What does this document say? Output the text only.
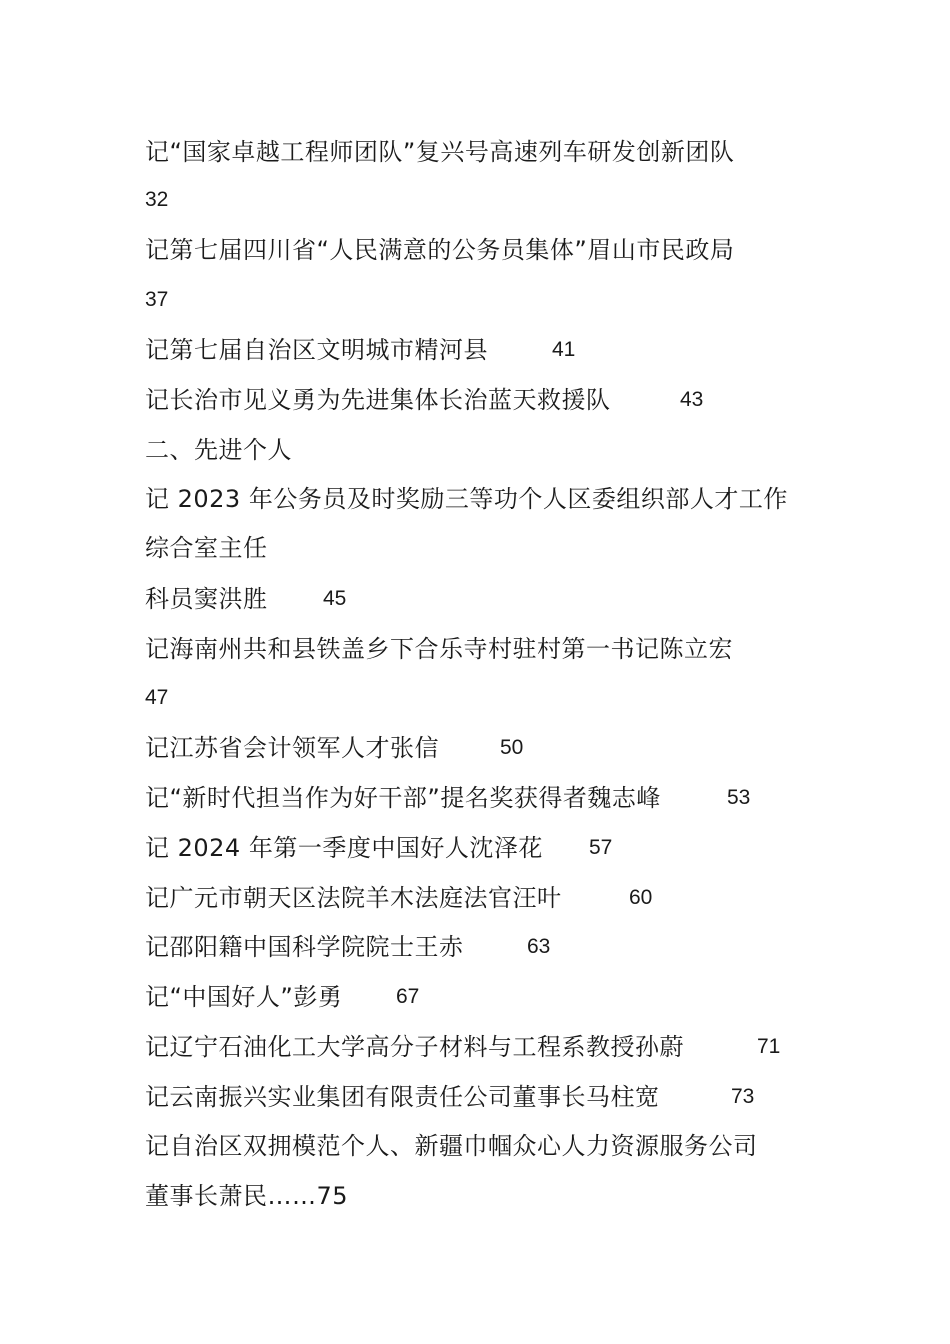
记“国家卓越工程师团队”复兴号高速列车研发创新团队
32
记第七届四川省“人民满意的公务员集体”眉山市民政局
37
记第七届自治区文明城市精河县	41
记长治市见义勇为先进集体长治蓝天救援队	43
二、先进个人
记 2023 年公务员及时奖励三等功个人区委组织部人才工作
综合室主任
科员窦洪胜	45
记海南州共和县铁盖乡下合乐寺村驻村第一书记陈立宏
47
记江苏省会计领军人才张信	50
记“新时代担当作为好干部”提名奖获得者魏志峰	53
记 2024 年第一季度中国好人沈泽花 57
记广元市朝天区法院羊木法庭法官汪叶	60
记邵阳籍中国科学院院士王赤	63
记“中国好人”彭勇	67
记辽宁石油化工大学高分子材料与工程系教授孙蔚	71
记云南振兴实业集团有限责任公司董事长马柱宽	73
记自治区双拥模范个人、新疆巾帼众心人力资源服务公司
董事长萧民……75
